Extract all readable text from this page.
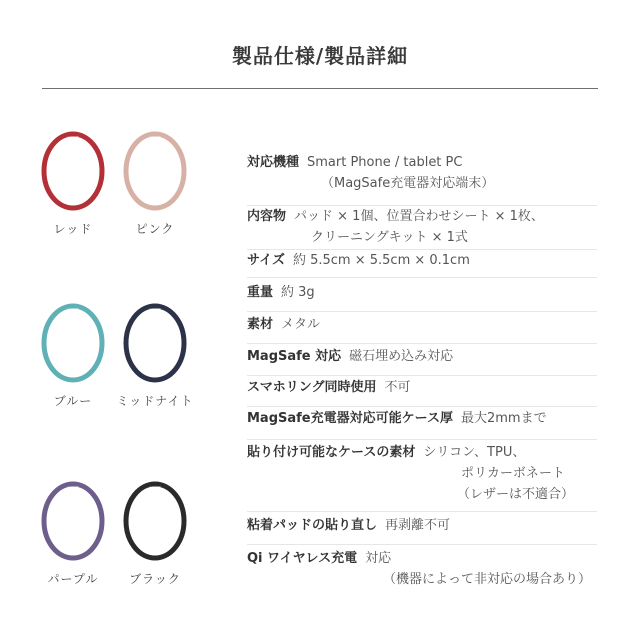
製品仕様/製品詳細
MOFT
レッド
MOFT
ピンク
MOFT
ブルー
MOFT
ミッドナイト
MOFT
パープル
MOFT
ブラック
対応機種 Smart Phone / tablet PC
（MagSafe充電器対応端末）
内容物 パッド × 1個、位置合わせシート × 1枚、
クリーニングキット × 1式
サイズ 約 5.5cm × 5.5cm × 0.1cm
重量 約 3g
素材 メタル
MagSafe 対応 磁石埋め込み対応
スマホリング同時使用 不可
MagSafe充電器対応可能ケース厚 最大2mmまで
貼り付け可能なケースの素材 シリコン、TPU、
ポリカーボネート
（レザーは不適合）
粘着パッドの貼り直し 再剥離不可
Qi ワイヤレス充電 対応
（機器によって非対応の場合あり）
